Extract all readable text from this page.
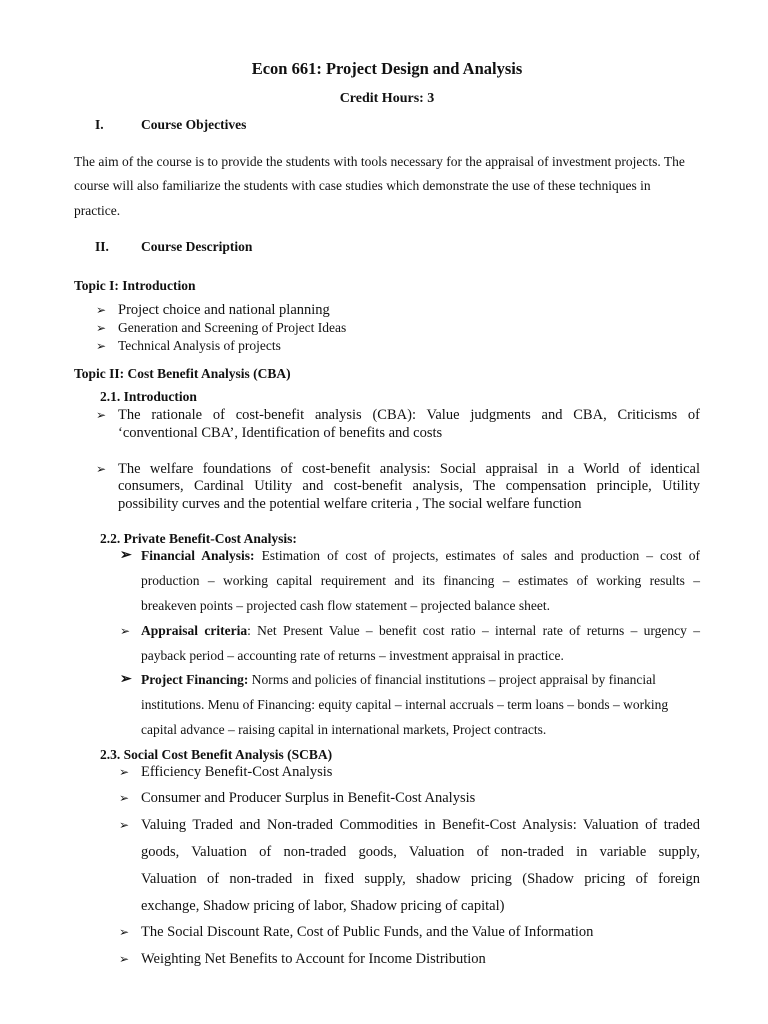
Econ 661: Project Design and Analysis
Credit Hours: 3
I.	Course Objectives
The aim of the course is to provide the students with tools necessary for the appraisal of investment projects. The
course will also familiarize the students with case studies which demonstrate the use of these techniques in
practice.
II. Course Description
Topic I: Introduction
➢ Project choice and national planning
➢ Generation and Screening of Project Ideas
➢ Technical Analysis of projects
Topic II: Cost Benefit Analysis (CBA)
2.1. Introduction
➢ The rationale of cost-benefit analysis (CBA): Value judgments and CBA, Criticisms of
‘conventional CBA’, Identification of benefits and costs
➢ The welfare foundations of cost-benefit analysis: Social appraisal in a World of identical
consumers, Cardinal Utility and cost-benefit analysis, The compensation principle, Utility
possibility curves and the potential welfare criteria , The social welfare function
2.2. Private Benefit-Cost Analysis:
➢ Financial Analysis: Estimation of cost of projects, estimates of sales and production – cost of
production – working capital requirement and its financing – estimates of working results –
breakeven points – projected cash flow statement – projected balance sheet.
➢ Appraisal criteria: Net Present Value – benefit cost ratio – internal rate of returns – urgency –
payback period – accounting rate of returns – investment appraisal in practice.
➢ Project Financing: Norms and policies of financial institutions – project appraisal by financial
institutions. Menu of Financing: equity capital – internal accruals – term loans – bonds – working
capital advance – raising capital in international markets, Project contracts.
2.3. Social Cost Benefit Analysis (SCBA)
➢ Efficiency Benefit-Cost Analysis
➢ Consumer and Producer Surplus in Benefit-Cost Analysis
➢ Valuing Traded and Non-traded Commodities in Benefit-Cost Analysis: Valuation of traded
goods, Valuation of non-traded goods, Valuation of non-traded in variable supply,
Valuation of non-traded in fixed supply, shadow pricing (Shadow pricing of foreign
exchange, Shadow pricing of labor, Shadow pricing of capital)
➢ The Social Discount Rate, Cost of Public Funds, and the Value of Information
➢ Weighting Net Benefits to Account for Income Distribution
